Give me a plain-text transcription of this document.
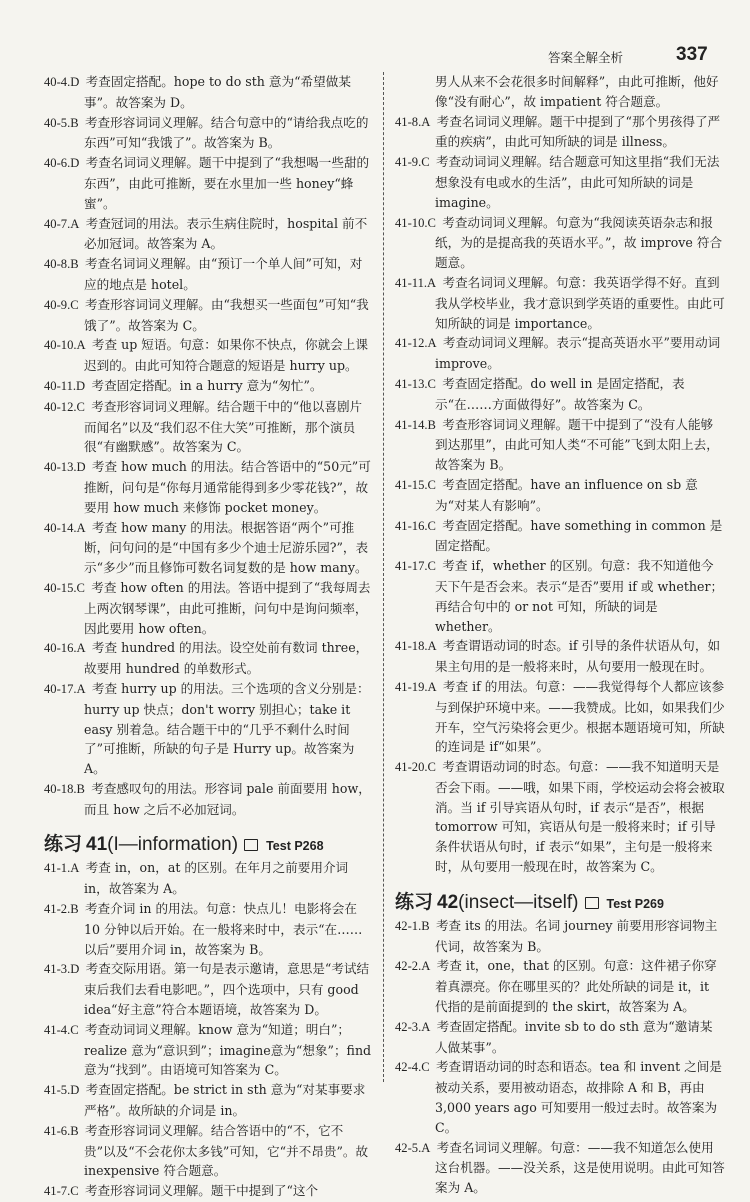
答案全解全析	337
40-4.D  考查固定搭配。hope to do sth 意为“希望做某事”。故答案为 D。
40-5.B  考查形容词词义理解。结合句意中的“请给我点吃的东西”可知“我饿了”。故答案为 B。
40-6.D  考查名词词义理解。题干中提到了“我想喝一些甜的东西”，由此可推断，要在水里加一些 honey“蜂蜜”。
40-7.A  考查冠词的用法。表示生病住院时，hospital 前不必加冠词。故答案为 A。
40-8.B  考查名词词义理解。由“预订一个单人间”可知，对应的地点是 hotel。
40-9.C  考查形容词词义理解。由“我想买一些面包”可知“我饿了”。故答案为 C。
40-10.A  考查 up 短语。句意：如果你不快点，你就会上课迟到的。由此可知符合题意的短语是 hurry up。
40-11.D  考查固定搭配。in a hurry 意为“匆忙”。
40-12.C  考查形容词词义理解。结合题干中的“他以喜剧片而闻名”以及“我们忍不住大笑”可推断，那个演员很“有幽默感”。故答案为 C。
40-13.D  考查 how much 的用法。结合答语中的“50元”可推断，问句是“你每月通常能得到多少零花钱?”，故要用 how much 来修饰 pocket money。
40-14.A  考查 how many 的用法。根据答语“两个”可推断，问句问的是“中国有多少个迪士尼游乐园?”，表示“多少”而且修饰可数名词复数的是 how many。
40-15.C  考查 how often 的用法。答语中提到了“我每周去上两次钢琴课”，由此可推断，问句中是询问频率，因此要用 how often。
40-16.A  考查 hundred 的用法。设空处前有数词 three，故要用 hundred 的单数形式。
40-17.A  考查 hurry up 的用法。三个选项的含义分别是：hurry up 快点；don't worry 别担心；take it easy 别着急。结合题干中的“几乎不剩什么时间了”可推断，所缺的句子是 Hurry up。故答案为 A。
40-18.B  考查感叹句的用法。形容词 pale 前面要用 how，而且 how 之后不必加冠词。
练习 41 (I—information) Test P268
41-1.A  考查 in，on，at 的区别。在年月之前要用介词 in，故答案为 A。
41-2.B  考查介词 in 的用法。句意：快点儿！电影将会在 10 分钟以后开始。在一般将来时中，表示“在……以后”要用介词 in，故答案为 B。
41-3.D  考查交际用语。第一句是表示邀请，意思是“考试结束后我们去看电影吧。”，四个选项中，只有 good idea“好主意”符合本题语境，故答案为 D。
41-4.C  考查动词词义理解。know 意为“知道；明白”；realize 意为“意识到”；imagine意为“想象”；find 意为“找到”。由语境可知答案为 C。
41-5.D  考查固定搭配。be strict in sth 意为“对某事要求严格”。故所缺的介词是 in。
41-6.B  考查形容词词义理解。结合答语中的“不，它不贵”以及“不会花你太多钱”可知，它“并不昂贵”。故 inexpensive 符合题意。
41-7.C  考查形容词词义理解。题干中提到了“这个
男人从来不会花很多时间解释”，由此可推断，他好像“没有耐心”，故 impatient 符合题意。
41-8.A  考查名词词义理解。题干中提到了“那个男孩得了严重的疾病”，由此可知所缺的词是 illness。
41-9.C  考查动词词义理解。结合题意可知这里指“我们无法想象没有电或水的生活”，由此可知所缺的词是 imagine。
41-10.C  考查动词词义理解。句意为“我阅读英语杂志和报纸，为的是提高我的英语水平。”，故 improve 符合题意。
41-11.A  考查名词词义理解。句意：我英语学得不好。直到我从学校毕业，我才意识到学英语的重要性。由此可知所缺的词是 importance。
41-12.A  考查动词词义理解。表示“提高英语水平”要用动词 improve。
41-13.C  考查固定搭配。do well in 是固定搭配，表示“在……方面做得好”。故答案为 C。
41-14.B  考查形容词词义理解。题干中提到了“没有人能够到达那里”，由此可知人类“不可能”飞到太阳上去，故答案为 B。
41-15.C  考查固定搭配。have an influence on sb 意为“对某人有影响”。
41-16.C  考查固定搭配。have something in common 是固定搭配。
41-17.C  考查 if，whether 的区别。句意：我不知道他今天下午是否会来。表示“是否”要用 if 或 whether；再结合句中的 or not 可知，所缺的词是 whether。
41-18.A  考查谓语动词的时态。if 引导的条件状语从句，如果主句用的是一般将来时，从句要用一般现在时。
41-19.A  考查 if 的用法。句意：——我觉得每个人都应该参与到保护环境中来。——我赞成。比如，如果我们少开车，空气污染将会更少。根据本题语境可知，所缺的连词是 if“如果”。
41-20.C  考查谓语动词的时态。句意：——我不知道明天是否会下雨。——哦，如果下雨，学校运动会将会被取消。当 if 引导宾语从句时，if 表示“是否”，根据 tomorrow 可知，宾语从句是一般将来时；if 引导条件状语从句时，if 表示“如果”，主句是一般将来时，从句要用一般现在时，故答案为 C。
练习 42 (insect—itself) Test P269
42-1.B  考查 its 的用法。名词 journey 前要用形容词物主代词，故答案为 B。
42-2.A  考查 it，one，that 的区别。句意：这件裙子你穿着真漂亮。你在哪里买的？此处所缺的词是 it，it 代指的是前面提到的 the skirt，故答案为 A。
42-3.A  考查固定搭配。invite sb to do sth 意为“邀请某人做某事”。
42-4.C  考查谓语动词的时态和语态。tea 和 invent 之间是被动关系，要用被动语态，故排除 A 和 B，再由 3,000 years ago 可知要用一般过去时。故答案为 C。
42-5.A  考查名词词义理解。句意：——我不知道怎么使用这台机器。——没关系，这是使用说明。由此可知答案为 A。
